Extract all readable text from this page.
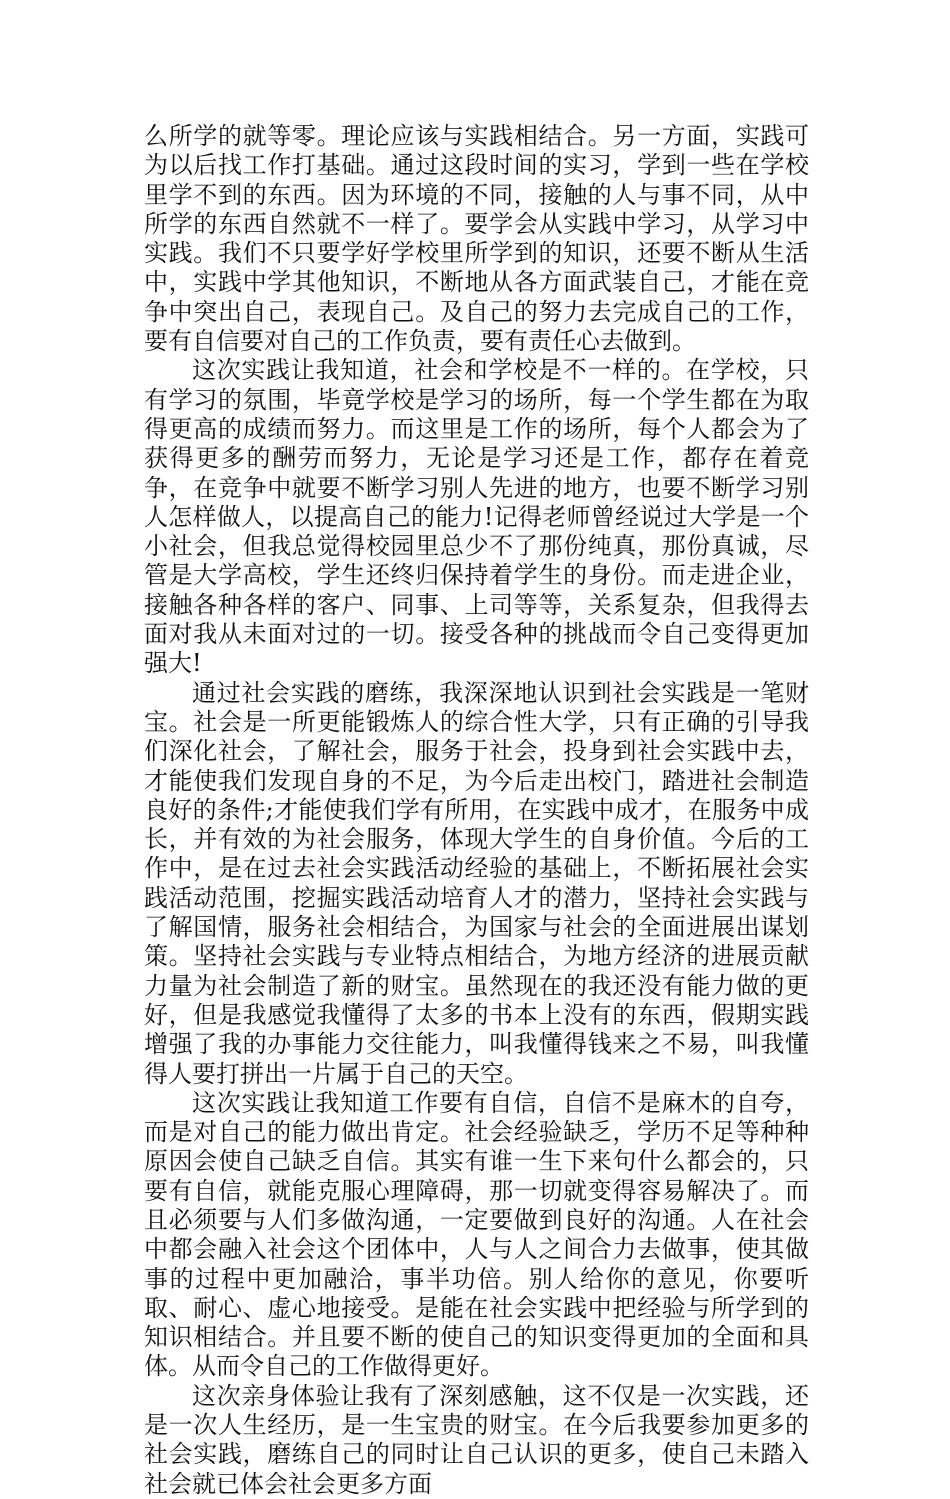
么所学的就等零。理论应该与实践相结合。另一方面，实践可为以后找工作打基础。通过这段时间的实习，学到一些在学校里学不到的东西。因为环境的不同，接触的人与事不同，从中所学的东西自然就不一样了。要学会从实践中学习，从学习中实践。我们不只要学好学校里所学到的知识，还要不断从生活中，实践中学其他知识，不断地从各方面武装自己，才能在竞争中突出自己，表现自己。及自己的努力去完成自己的工作，要有自信要对自己的工作负责，要有责任心去做到。

这次实践让我知道，社会和学校是不一样的。在学校，只有学习的氛围，毕竟学校是学习的场所，每一个学生都在为取得更高的成绩而努力。而这里是工作的场所，每个人都会为了获得更多的酬劳而努力，无论是学习还是工作，都存在着竞争，在竞争中就要不断学习别人先进的地方，也要不断学习别人怎样做人，以提高自己的能力!记得老师曾经说过大学是一个小社会，但我总觉得校园里总少不了那份纯真，那份真诚，尽管是大学高校，学生还终归保持着学生的身份。而走进企业，接触各种各样的客户、同事、上司等等，关系复杂，但我得去面对我从未面对过的一切。接受各种的挑战而令自己变得更加强大!

通过社会实践的磨练，我深深地认识到社会实践是一笔财宝。社会是一所更能锻炼人的综合性大学，只有正确的引导我们深化社会，了解社会，服务于社会，投身到社会实践中去，才能使我们发现自身的不足，为今后走出校门，踏进社会制造良好的条件;才能使我们学有所用，在实践中成才，在服务中成长，并有效的为社会服务，体现大学生的自身价值。今后的工作中，是在过去社会实践活动经验的基础上，不断拓展社会实践活动范围，挖掘实践活动培育人才的潜力，坚持社会实践与了解国情，服务社会相结合，为国家与社会的全面进展出谋划策。坚持社会实践与专业特点相结合，为地方经济的进展贡献力量为社会制造了新的财宝。虽然现在的我还没有能力做的更好，但是我感觉我懂得了太多的书本上没有的东西，假期实践增强了我的办事能力交往能力，叫我懂得钱来之不易，叫我懂得人要打拼出一片属于自己的天空。

这次实践让我知道工作要有自信，自信不是麻木的自夸，而是对自己的能力做出肯定。社会经验缺乏，学历不足等种种原因会使自己缺乏自信。其实有谁一生下来句什么都会的，只要有自信，就能克服心理障碍，那一切就变得容易解决了。而且必须要与人们多做沟通，一定要做到良好的沟通。人在社会中都会融入社会这个团体中，人与人之间合力去做事，使其做事的过程中更加融洽，事半功倍。别人给你的意见，你要听取、耐心、虚心地接受。是能在社会实践中把经验与所学到的知识相结合。并且要不断的使自己的知识变得更加的全面和具体。从而令自己的工作做得更好。

这次亲身体验让我有了深刻感触，这不仅是一次实践，还是一次人生经历，是一生宝贵的财宝。在今后我要参加更多的社会实践，磨练自己的同时让自己认识的更多，使自己未踏入社会就已体会社会更多方面
